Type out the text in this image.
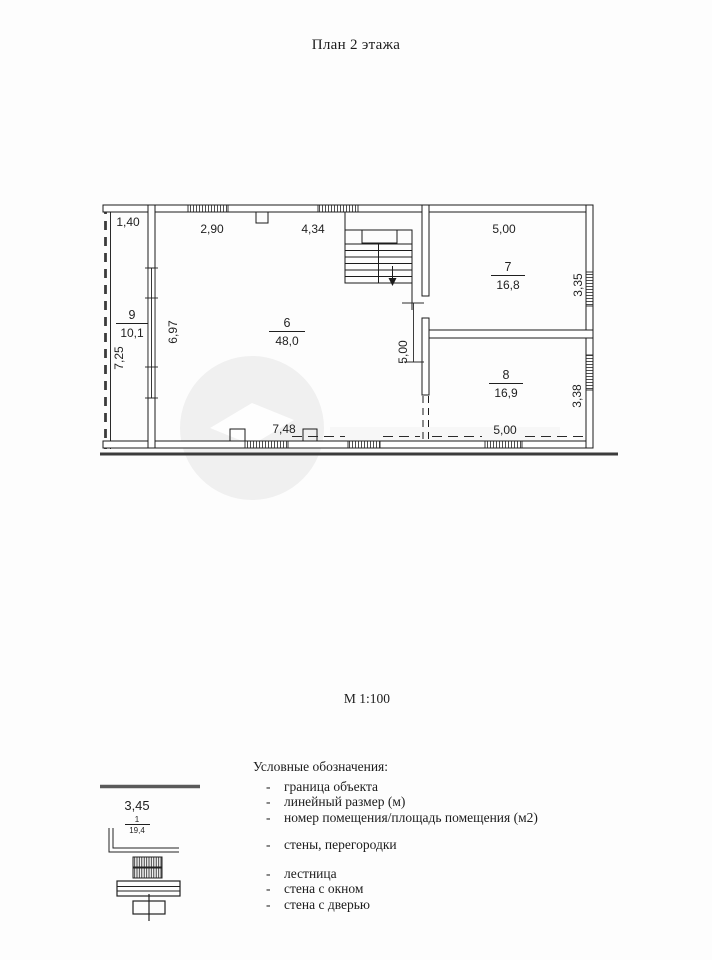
План 2 этажа
9
10,1
6
48,0
7
16,8
8
16,9
1,40	2,90	4,34	5,00
7,48	5,00
7,25
6,97
5,00
3,35
3,38
М 1:100
3,45
1
19,4
Условные обозначения:
-	граница объекта
-	линейный размер (м)
-	номер помещения/площадь помещения (м2)
-	стены, перегородки
-	лестница
-	стена с окном
-	стена с дверью
